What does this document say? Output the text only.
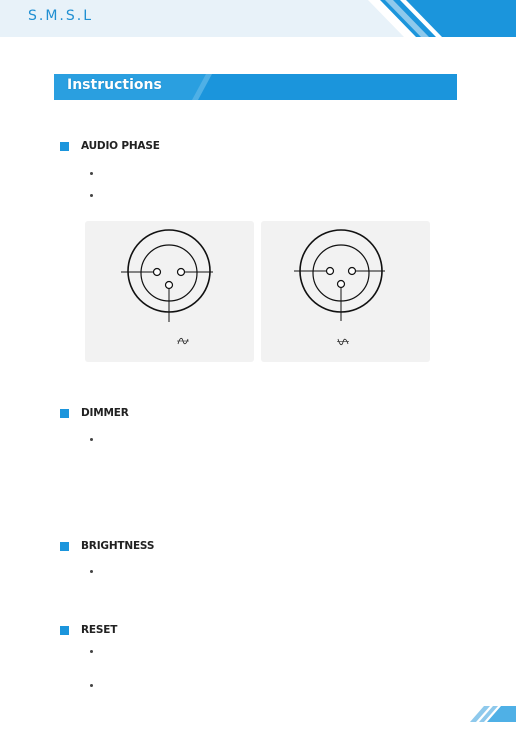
S.M.S.L
Instructions
AUDIO PHASE
DIMMER
BRIGHTNESS
RESET
